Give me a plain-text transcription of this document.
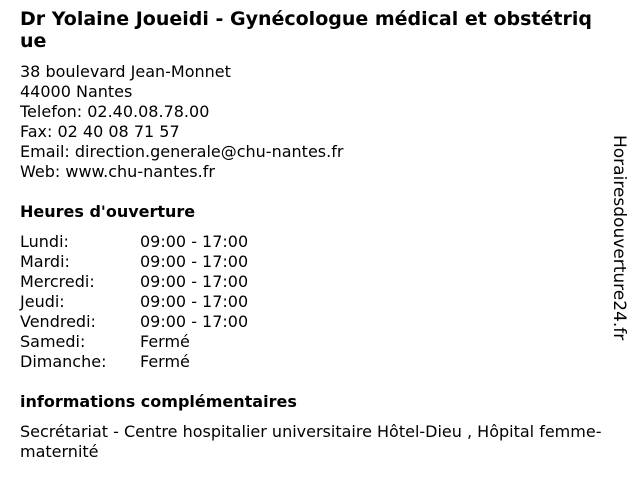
Dr Yolaine Joueidi - Gynécologue médical et obstétrique
38 boulevard Jean-Monnet
44000 Nantes
Telefon: 02.40.08.78.00
Fax: 02 40 08 71 57
Email: direction.generale@chu-nantes.fr
Web: www.chu-nantes.fr
Heures d'ouverture
Lundi:	09:00 - 17:00
Mardi:	09:00 - 17:00
Mercredi:	09:00 - 17:00
Jeudi:	09:00 - 17:00
Vendredi:	09:00 - 17:00
Samedi:	Fermé
Dimanche:	Fermé
informations complémentaires
Secrétariat - Centre hospitalier universitaire Hôtel-Dieu , Hôpital femme-maternité
Horairesdouverture24.fr
